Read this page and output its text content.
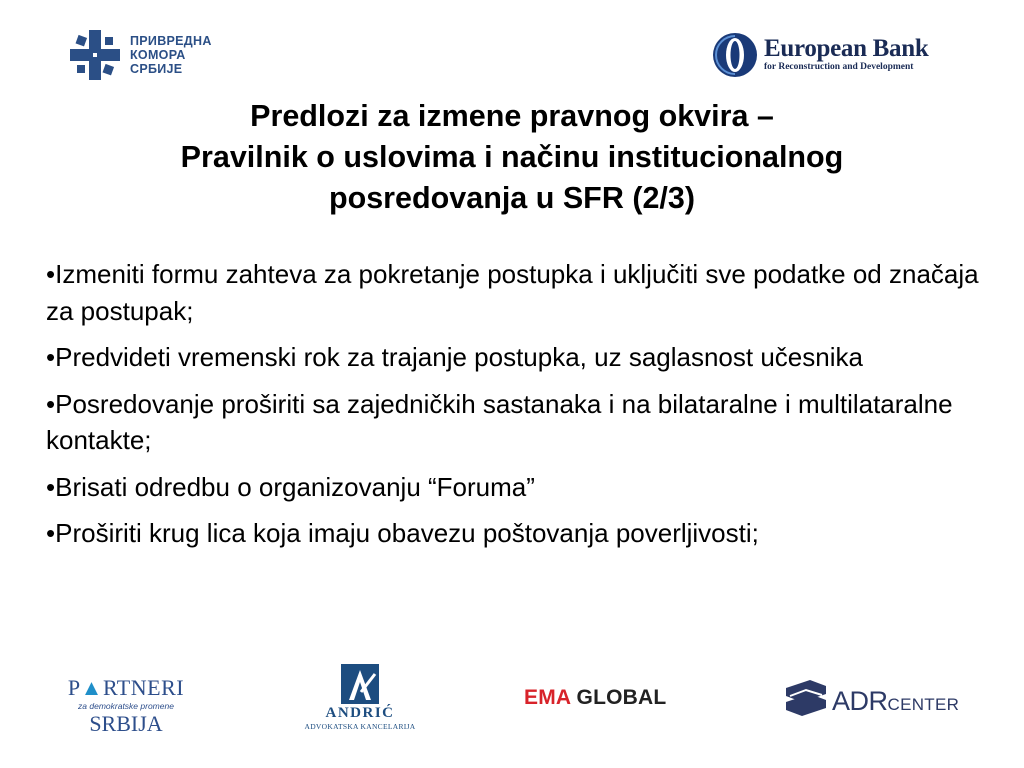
ПРИВРЕДНА
КОМОРА
СРБИЈЕ
European Bank
for Reconstruction and Development
Predlozi za izmene pravnog okvira –
Pravilnik o uslovima i načinu institucionalnog
posredovanja u SFR (2/3)
•Izmeniti formu zahteva za pokretanje postupka i uključiti sve podatke od značaja za postupak;
•Predvideti vremenski rok za trajanje postupka, uz saglasnost učesnika
•Posredovanje proširiti sa zajedničkih sastanaka i na bilataralne i multilataralne kontakte;
•Brisati odredbu o organizovanju “Foruma”
•Proširiti krug lica koja imaju obavezu poštovanja poverljivosti;
P▲RTNERI
za demokratske promene
SRBIJA	ANDRIĆ
ADVOKATSKA KANCELARIJA
EMA GLOBAL	ADRCENTER
